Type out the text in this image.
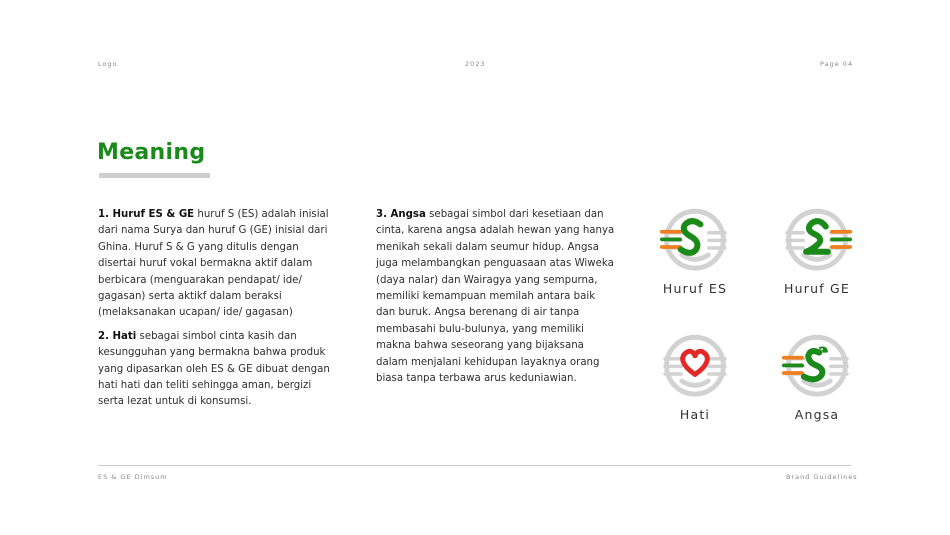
Logo	2023	Page 04
Meaning

1. Huruf ES & GE huruf S (ES) adalah inisial dari nama Surya dan huruf G (GE) inisial dari Ghina. Huruf S & G yang ditulis dengan disertai huruf vokal bermakna aktif dalam berbicara (menguarakan pendapat/ ide/ gagasan) serta aktikf dalam beraksi (melaksanakan ucapan/ ide/ gagasan)

2. Hati sebagai simbol cinta kasih dan kesungguhan yang bermakna bahwa produk yang dipasarkan oleh ES & GE dibuat dengan hati hati dan teliti sehingga aman, bergizi serta lezat untuk di konsumsi.

3. Angsa sebagai simbol dari kesetiaan dan cinta, karena angsa adalah hewan yang hanya menikah sekali dalam seumur hidup. Angsa juga melambangkan penguasaan atas Wiweka (daya nalar) dan Wairagya yang sempurna, memiliki kemampuan memilah antara baik dan buruk. Angsa berenang di air tanpa membasahi bulu-bulunya, yang memiliki makna bahwa seseorang yang bijaksana dalam menjalani kehidupan layaknya orang biasa tanpa terbawa arus keduniawian.

Huruf ES	Huruf GE
Hati	Angsa
ES & GE Dimsum	Brand Guidelines
